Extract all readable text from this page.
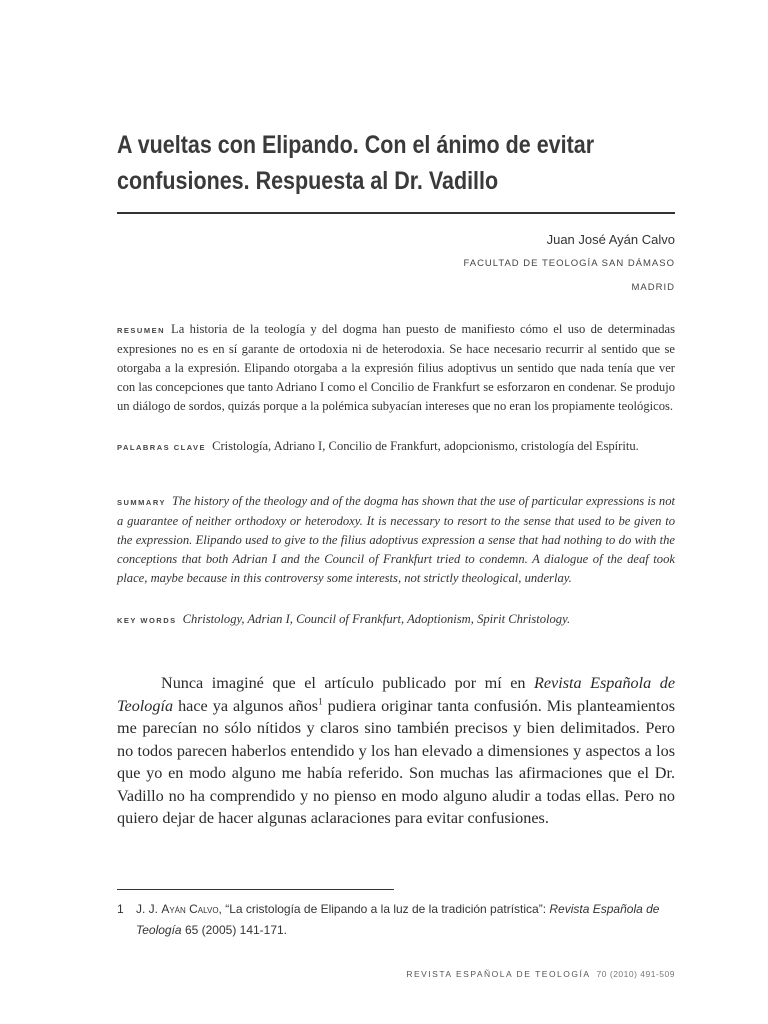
A vueltas con Elipando. Con el ánimo de evitar confusiones. Respuesta al Dr. Vadillo

Juan José Ayán Calvo

FACULTAD DE TEOLOGÍA SAN DÁMASO

MADRID

RESUMEN La historia de la teología y del dogma han puesto de manifiesto cómo el uso de determinadas expresiones no es en sí garante de ortodoxia ni de heterodoxia. Se hace necesario recurrir al sentido que se otorgaba a la expresión. Elipando otorgaba a la expresión filius adoptivus un sentido que nada tenía que ver con las concepciones que tanto Adriano I como el Concilio de Frankfurt se esforzaron en condenar. Se produjo un diálogo de sordos, quizás porque a la polémica subyacían intereses que no eran los propiamente teológicos.

PALABRAS CLAVE Cristología, Adriano I, Concilio de Frankfurt, adopcionismo, cristología del Espíritu.

SUMMARY The history of the theology and of the dogma has shown that the use of particular expressions is not a guarantee of neither orthodoxy or heterodoxy. It is necessary to resort to the sense that used to be given to the expression. Elipando used to give to the filius adoptivus expression a sense that had nothing to do with the conceptions that both Adrian I and the Council of Frankfurt tried to condemn. A dialogue of the deaf took place, maybe because in this controversy some interests, not strictly theological, underlay.

KEY WORDS Christology, Adrian I, Council of Frankfurt, Adoptionism, Spirit Christology.

Nunca imaginé que el artículo publicado por mí en Revista Española de Teología hace ya algunos años$^1$ pudiera originar tanta confusión. Mis planteamientos me parecían no sólo nítidos y claros sino también precisos y bien delimitados. Pero no todos parecen haberlos entendido y los han elevado a dimensiones y aspectos a los que yo en modo alguno me había referido. Son muchas las afirmaciones que el Dr. Vadillo no ha comprendido y no pienso en modo alguno aludir a todas ellas. Pero no quiero dejar de hacer algunas aclaraciones para evitar confusiones.

1 J. J. Ayán Calvo, “La cristología de Elipando a la luz de la tradición patrística”: Revista Española de Teología 65 (2005) 141-171.

REVISTA ESPAÑOLA DE TEOLOGÍA 70 (2010) 491-509
